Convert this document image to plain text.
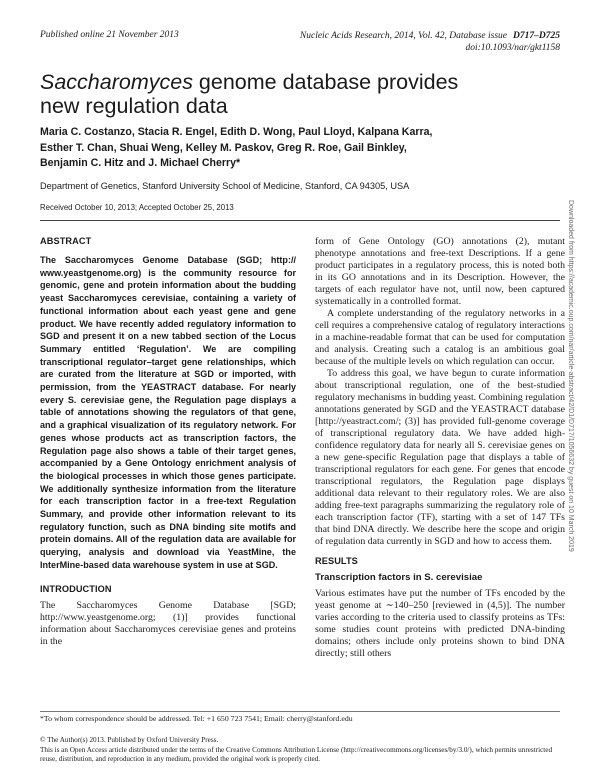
Published online 21 November 2013	Nucleic Acids Research, 2014, Vol. 42, Database issue D717–D725
doi:10.1093/nar/gkt1158
Saccharomyces genome database provides
new regulation data
Maria C. Costanzo, Stacia R. Engel, Edith D. Wong, Paul Lloyd, Kalpana Karra,
Esther T. Chan, Shuai Weng, Kelley M. Paskov, Greg R. Roe, Gail Binkley,
Benjamin C. Hitz and J. Michael Cherry*
Department of Genetics, Stanford University School of Medicine, Stanford, CA 94305, USA
Received October 10, 2013; Accepted October 25, 2013
ABSTRACT
The Saccharomyces Genome Database (SGD; http:// www.yeastgenome.org) is the community resource for genomic, gene and protein information about the budding yeast Saccharomyces cerevisiae, containing a variety of functional information about each yeast gene and gene product. We have recently added regulatory information to SGD and present it on a new tabbed section of the Locus Summary entitled ‘Regulation’. We are compiling transcriptional regulator–target gene relationships, which are curated from the literature at SGD or imported, with permission, from the YEASTRACT database. For nearly every S. cerevisiae gene, the Regulation page displays a table of annotations showing the regulators of that gene, and a graphical visualization of its regulatory network. For genes whose products act as transcription factors, the Regulation page also shows a table of their target genes, accompanied by a Gene Ontology enrichment analysis of the biological processes in which those genes participate. We additionally synthesize information from the literature for each transcription factor in a free-text Regulation Summary, and provide other information relevant to its regulatory function, such as DNA binding site motifs and protein domains. All of the regulation data are available for querying, analysis and download via YeastMine, the InterMine-based data warehouse system in use at SGD.
INTRODUCTION
The Saccharomyces Genome Database [SGD; http://www.yeastgenome.org; (1)] provides functional information about Saccharomyces cerevisiae genes and proteins in the

form of Gene Ontology (GO) annotations (2), mutant phenotype annotations and free-text Descriptions. If a gene product participates in a regulatory process, this is noted both in its GO annotations and in its Description. However, the targets of each regulator have not, until now, been captured systematically in a controlled format.

A complete understanding of the regulatory networks in a cell requires a comprehensive catalog of regulatory interactions in a machine-readable format that can be used for computation and analysis. Creating such a catalog is an ambitious goal because of the multiple levels on which regulation can occur.

To address this goal, we have begun to curate information about transcriptional regulation, one of the best-studied regulatory mechanisms in budding yeast. Combining regulation annotations generated by SGD and the YEASTRACT database [http://yeastract.com/; (3)] has provided full-genome coverage of transcriptional regulatory data. We have added high-confidence regulatory data for nearly all S. cerevisiae genes on a new gene-specific Regulation page that displays a table of transcriptional regulators for each gene. For genes that encode transcriptional regulators, the Regulation page displays additional data relevant to their regulatory roles. We are also adding free-text paragraphs summarizing the regulatory role of each transcription factor (TF), starting with a set of 147 TFs that bind DNA directly. We describe here the scope and origin of regulation data currently in SGD and how to access them.

RESULTS
Transcription factors in S. cerevisiae

Various estimates have put the number of TFs encoded by the yeast genome at ∼140–250 [reviewed in (4,5)]. The number varies according to the criteria used to classify proteins as TFs: some studies count proteins with predicted DNA-binding domains; others include only proteins shown to bind DNA directly; still others

Downloaded from https://academic.oup.com/nar/article-abstract/42/D1/D717/1056632 by guest on 10 March 2019
*To whom correspondence should be addressed. Tel: +1 650 723 7541; Email: cherry@stanford.edu
© The Author(s) 2013. Published by Oxford University Press.
This is an Open Access article distributed under the terms of the Creative Commons Attribution License (http://creativecommons.org/licenses/by/3.0/), which permits unrestricted reuse, distribution, and reproduction in any medium, provided the original work is properly cited.
